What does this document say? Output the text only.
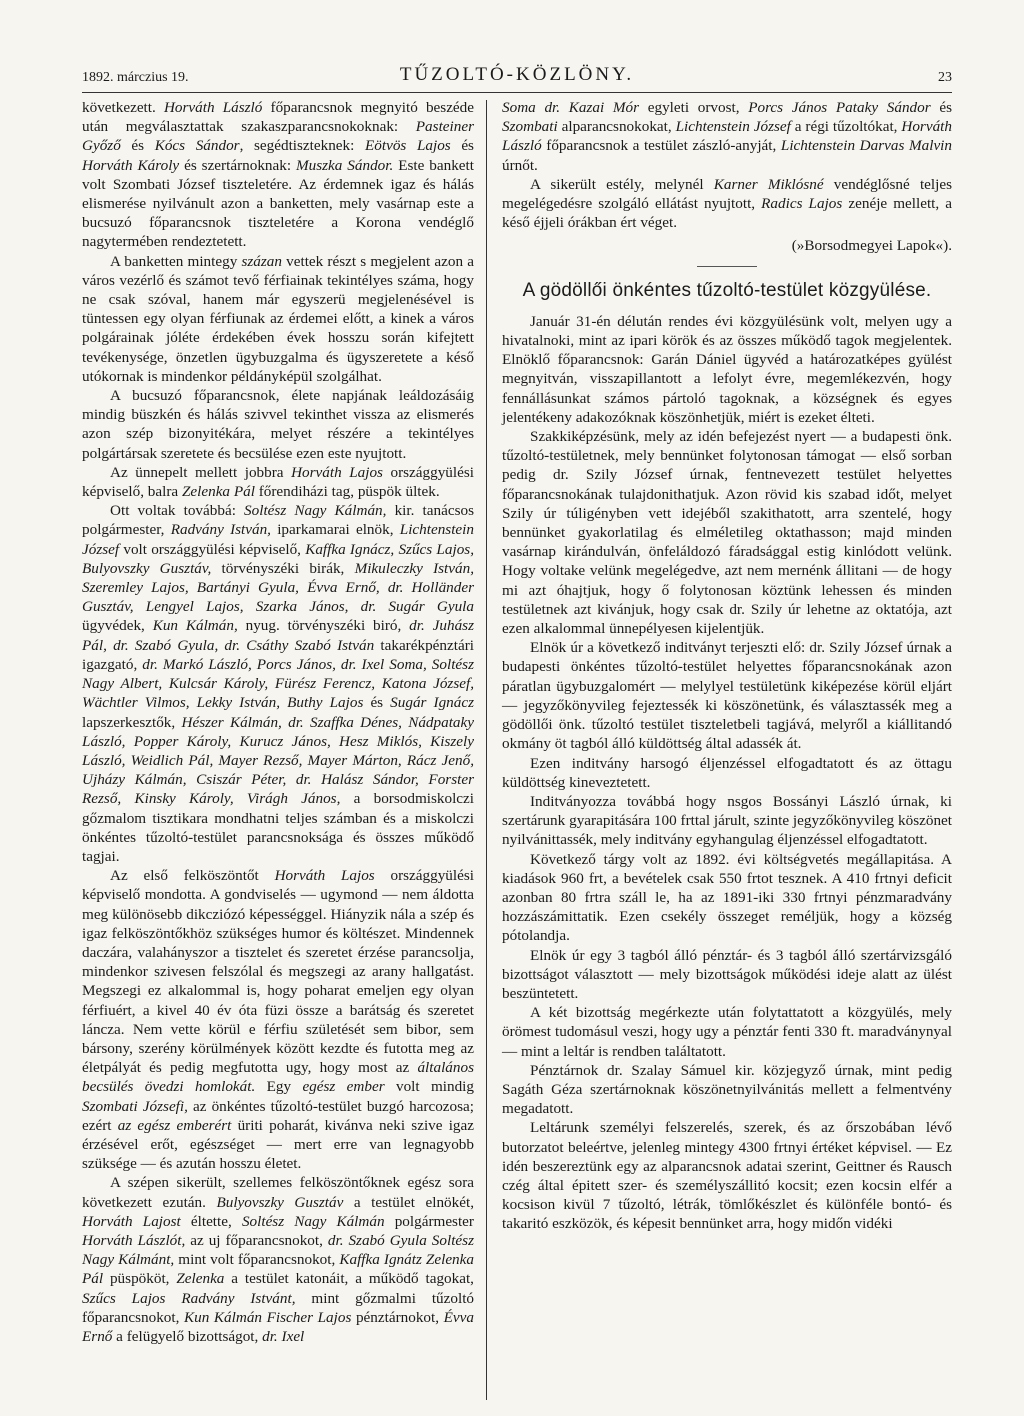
1892. márczius 19.	TŰZOLTÓ-KÖZLÖNY.	23

következett. Horváth László főparancsnok megnyitó beszéde után megválasztattak szakaszparancsnokoknak: Pasteiner Győző és Kócs Sándor, segédtiszteknek: Eötvös Lajos és Horváth Károly és szertárnoknak: Muszka Sándor. Este bankett volt Szombati József tiszteletére. Az érdemnek igaz és hálás elismerése nyilvánult azon a banketten, mely vasárnap este a bucsuzó főparancsnok tiszteletére a Korona vendéglő nagytermében rendeztetett.

A banketten mintegy százan vettek részt s megjelent azon a város vezérlő és számot tevő férfiainak tekintélyes száma, hogy ne csak szóval, hanem már egyszerü megjelenésével is tüntessen egy olyan férfiunak az érdemei előtt, a kinek a város polgárainak jóléte érdekében évek hosszu során kifejtett tevékenysége, önzetlen ügybuzgalma és ügyszeretete a késő utókornak is mindenkor példányképül szolgálhat.

A bucsuzó főparancsnok, élete napjának leáldozásáig mindig büszkén és hálás szivvel tekinthet vissza az elismerés azon szép bizonyitékára, melyet részére a tekintélyes polgártársak szeretete és becsülése ezen este nyujtott.

Az ünnepelt mellett jobbra Horváth Lajos országgyülési képviselő, balra Zelenka Pál főrendiházi tag, püspök ültek.

Ott voltak továbbá: Soltész Nagy Kálmán, kir. tanácsos polgármester, Radvány István, iparkamarai elnök, Lichtenstein József volt országgyülési képviselő, Kaffka Ignácz, Szűcs Lajos, Bulyovszky Gusztáv, törvényszéki birák, Mikuleczky István, Szeremley Lajos, Bartányi Gyula, Évva Ernő, dr. Holländer Gusztáv, Lengyel Lajos, Szarka János, dr. Sugár Gyula ügyvédek, Kun Kálmán, nyug. törvényszéki biró, dr. Juhász Pál, dr. Szabó Gyula, dr. Csáthy Szabó István takarékpénztári igazgató, dr. Markó László, Porcs János, dr. Ixel Soma, Soltész Nagy Albert, Kulcsár Károly, Fürész Ferencz, Katona József, Wächtler Vilmos, Lekky István, Buthy Lajos és Sugár Ignácz lapszerkesztők, Hészer Kálmán, dr. Szaffka Dénes, Nádpataky László, Popper Károly, Kurucz János, Hesz Miklós, Kiszely László, Weidlich Pál, Mayer Rezső, Mayer Márton, Rácz Jenő, Ujházy Kálmán, Csiszár Péter, dr. Halász Sándor, Forster Rezső, Kinsky Károly, Virágh János, a borsodmiskolczi gőzmalom tisztikara mondhatni teljes számban és a miskolczi önkéntes tűzoltó-testület parancsnoksága és összes működő tagjai.

Az első felköszöntőt Horváth Lajos országgyülési képviselő mondotta. A gondviselés — ugymond — nem áldotta meg különösebb dikcziózó képességgel. Hiányzik nála a szép és igaz felköszöntőkhöz szükséges humor és költészet. Mindennek daczára, valahányszor a tisztelet és szeretet érzése parancsolja, mindenkor szivesen felszólal és megszegi az arany hallgatást. Megszegi ez alkalommal is, hogy poharat emeljen egy olyan férfiuért, a kivel 40 év óta füzi össze a barátság és szeretet láncza. Nem vette körül e férfiu születését sem bibor, sem bársony, szerény körülmények között kezdte és futotta meg az életpályát és pedig megfutotta ugy, hogy most az általános becsülés övedzi homlokát. Egy egész ember volt mindig Szombati Józsefi, az önkéntes tűzoltó-testület buzgó harcozosa; ezért az egész emberért üriti poharát, kivánva neki szive igaz érzésével erőt, egészséget — mert erre van legnagyobb szüksége — és azután hosszu életet.

A szépen sikerült, szellemes felköszöntőknek egész sora következett ezután. Bulyovszky Gusztáv a testület elnökét, Horváth Lajost éltette, Soltész Nagy Kálmán polgármester Horváth Lászlót, az uj főparancsnokot, dr. Szabó Gyula Soltész Nagy Kálmánt, mint volt főparancsnokot, Kaffka Ignátz Zelenka Pál püspököt, Zelenka a testület katonáit, a működő tagokat, Szűcs Lajos Radvány Istvánt, mint gőzmalmi tűzoltó főparancsnokot, Kun Kálmán Fischer Lajos pénztárnokot, Évva Ernő a felügyelő bizottságot, dr. Ixel

Soma dr. Kazai Mór egyleti orvost, Porcs János Pataky Sándor és Szombati alparancsnokokat, Lichtenstein József a régi tűzoltókat, Horváth László főparancsnok a testület zászló-anyját, Lichtenstein Darvas Malvin úrnőt.

A sikerült estély, melynél Karner Miklósné vendéglősné teljes megelégedésre szolgáló ellátást nyujtott, Radics Lajos zenéje mellett, a késő éjjeli órákban ért véget.

(»Borsodmegyei Lapok«).

A gödöllői önkéntes tűzoltó-testület közgyülése.

Január 31-én délután rendes évi közgyülésünk volt, melyen ugy a hivatalnoki, mint az ipari körök és az összes működő tagok megjelentek. Elnöklő főparancsnok: Garán Dániel ügyvéd a határozatképes gyülést megnyitván, visszapillantott a lefolyt évre, megemlékezvén, hogy fennállásunkat számos pártoló tagoknak, a községnek és egyes jelentékeny adakozóknak köszönhetjük, miért is ezeket élteti.

Szakkiképzésünk, mely az idén befejezést nyert — a budapesti önk. tűzoltó-testületnek, mely bennünket folytonosan támogat — első sorban pedig dr. Szily József úrnak, fentnevezett testület helyettes főparancsnokának tulajdonithatjuk. Azon rövid kis szabad időt, melyet Szily úr túligényben vett idejéből szakithatott, arra szentelé, hogy bennünket gyakorlatilag és elméletileg oktathasson; majd minden vasárnap kirándulván, önfeláldozó fáradsággal estig kinlódott velünk. Hogy voltake velünk megelégedve, azt nem mernénk állitani — de hogy mi azt óhajtjuk, hogy ő folytonosan köztünk lehessen és minden testületnek azt kivánjuk, hogy csak dr. Szily úr lehetne az oktatója, azt ezen alkalommal ünnepélyesen kijelentjük.

Elnök úr a következő inditványt terjeszti elő: dr. Szily József úrnak a budapesti önkéntes tűzoltó-testület helyettes főparancsnokának azon páratlan ügybuzgalomért — melylyel testületünk kiképezése körül eljárt — jegyzőkönyvileg fejeztessék ki köszönetünk, és választassék meg a gödöllői önk. tűzoltó testület tiszteletbeli tagjává, melyről a kiállitandó okmány öt tagból álló küldöttség által adassék át.

Ezen inditvány harsogó éljenzéssel elfogadtatott és az öttagu küldöttség kineveztetett.

Inditványozza továbbá hogy nsgos Bossányi László úrnak, ki szertárunk gyarapitására 100 frttal járult, szinte jegyzőkönyvileg köszönet nyilvánittassék, mely inditvány egyhangulag éljenzéssel elfogadtatott.

Következő tárgy volt az 1892. évi költségvetés megállapitása. A kiadások 960 frt, a bevételek csak 550 frtot tesznek. A 410 frtnyi deficit azonban 80 frtra száll le, ha az 1891-iki 330 frtnyi pénzmaradvány hozzászámittatik. Ezen csekély összeget reméljük, hogy a község pótolandja.

Elnök úr egy 3 tagból álló pénztár- és 3 tagból álló szertárvizsgáló bizottságot választott — mely bizottságok működési ideje alatt az ülést beszüntetett.

A két bizottság megérkezte után folytattatott a közgyülés, mely örömest tudomásul veszi, hogy ugy a pénztár fenti 330 ft. maradványnyal — mint a leltár is rendben találtatott.

Pénztárnok dr. Szalay Sámuel kir. közjegyző úrnak, mint pedig Sagáth Géza szertárnoknak köszönetnyilvánitás mellett a felmentvény megadatott.

Leltárunk személyi felszerelés, szerek, és az őrszobában lévő butorzatot beleértve, jelenleg mintegy 4300 frtnyi értéket képvisel. — Ez idén beszereztünk egy az alparancsnok adatai szerint, Geittner és Rausch czég által épitett szer- és személyszállitó kocsit; ezen kocsin elfér a kocsison kivül 7 tűzoltó, létrák, tömlőkészlet és különféle bontó- és takaritó eszközök, és képesit bennünket arra, hogy midőn vidéki
